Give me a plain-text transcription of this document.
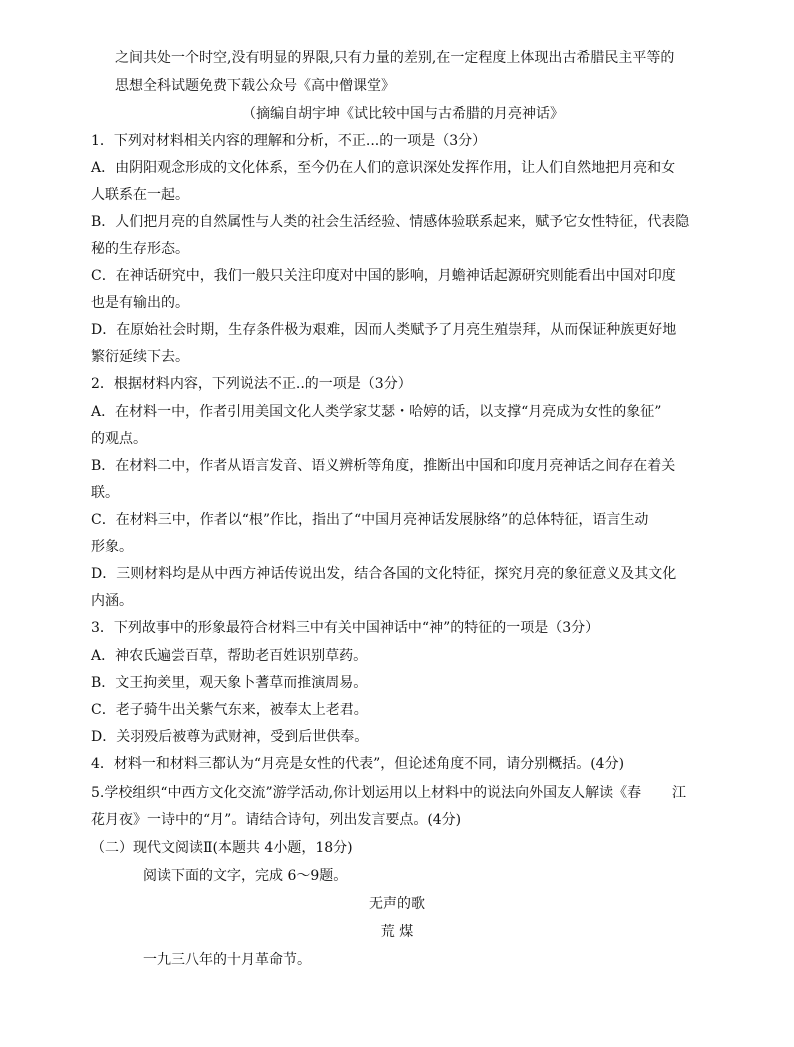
之间共处一个时空,没有明显的界限,只有力量的差别,在一定程度上体现出古希腊民主平等的
思想全科试题免费下载公众号《高中僧课堂》
（摘编自胡宇坤《试比较中国与古希腊的月亮神话》
1．下列对材料相关内容的理解和分析，不正...的一项是（3分）
A．由阴阳观念形成的文化体系，至今仍在人们的意识深处发挥作用，让人们自然地把月亮和女
人联系在一起。
B．人们把月亮的自然属性与人类的社会生活经验、情感体验联系起来，赋予它女性特征，代表隐
秘的生存形态。
C．在神话研究中，我们一般只关注印度对中国的影响，月蟾神话起源研究则能看出中国对印度
也是有输出的。
D．在原始社会时期，生存条件极为艰难，因而人类赋予了月亮生殖崇拜，从而保证种族更好地
繁衍延续下去。
2．根据材料内容，下列说法不正..的一项是（3分）
A．在材料一中，作者引用美国文化人类学家艾瑟・哈婷的话，以支撑“月亮成为女性的象征”
的观点。
B．在材料二中，作者从语言发音、语义辨析等角度，推断出中国和印度月亮神话之间存在着关
联。
C．在材料三中，作者以“根”作比，指出了“中国月亮神话发展脉络”的总体特征，语言生动
形象。
D．三则材料均是从中西方神话传说出发，结合各国的文化特征，探究月亮的象征意义及其文化
内涵。
3．下列故事中的形象最符合材料三中有关中国神话中“神”的特征的一项是（3分）
A．神农氏遍尝百草，帮助老百姓识别草药。
B．文王拘羑里，观天象卜蓍草而推演周易。
C．老子骑牛出关紫气东来，被奉太上老君。
D．关羽殁后被尊为武财神，受到后世供奉。
4．材料一和材料三都认为“月亮是女性的代表”，但论述角度不同，请分别概括。(4分)
5.学校组织“中西方文化交流”游学活动,你计划运用以上材料中的说法向外国友人解读《春 江
花月夜》一诗中的“月”。请结合诗句，列出发言要点。(4分)
（二）现代文阅读Ⅱ(本题共 4小题，18分)
阅读下面的文字，完成 6～9题。
无声的歌
荒 煤
一九三八年的十月革命节。
